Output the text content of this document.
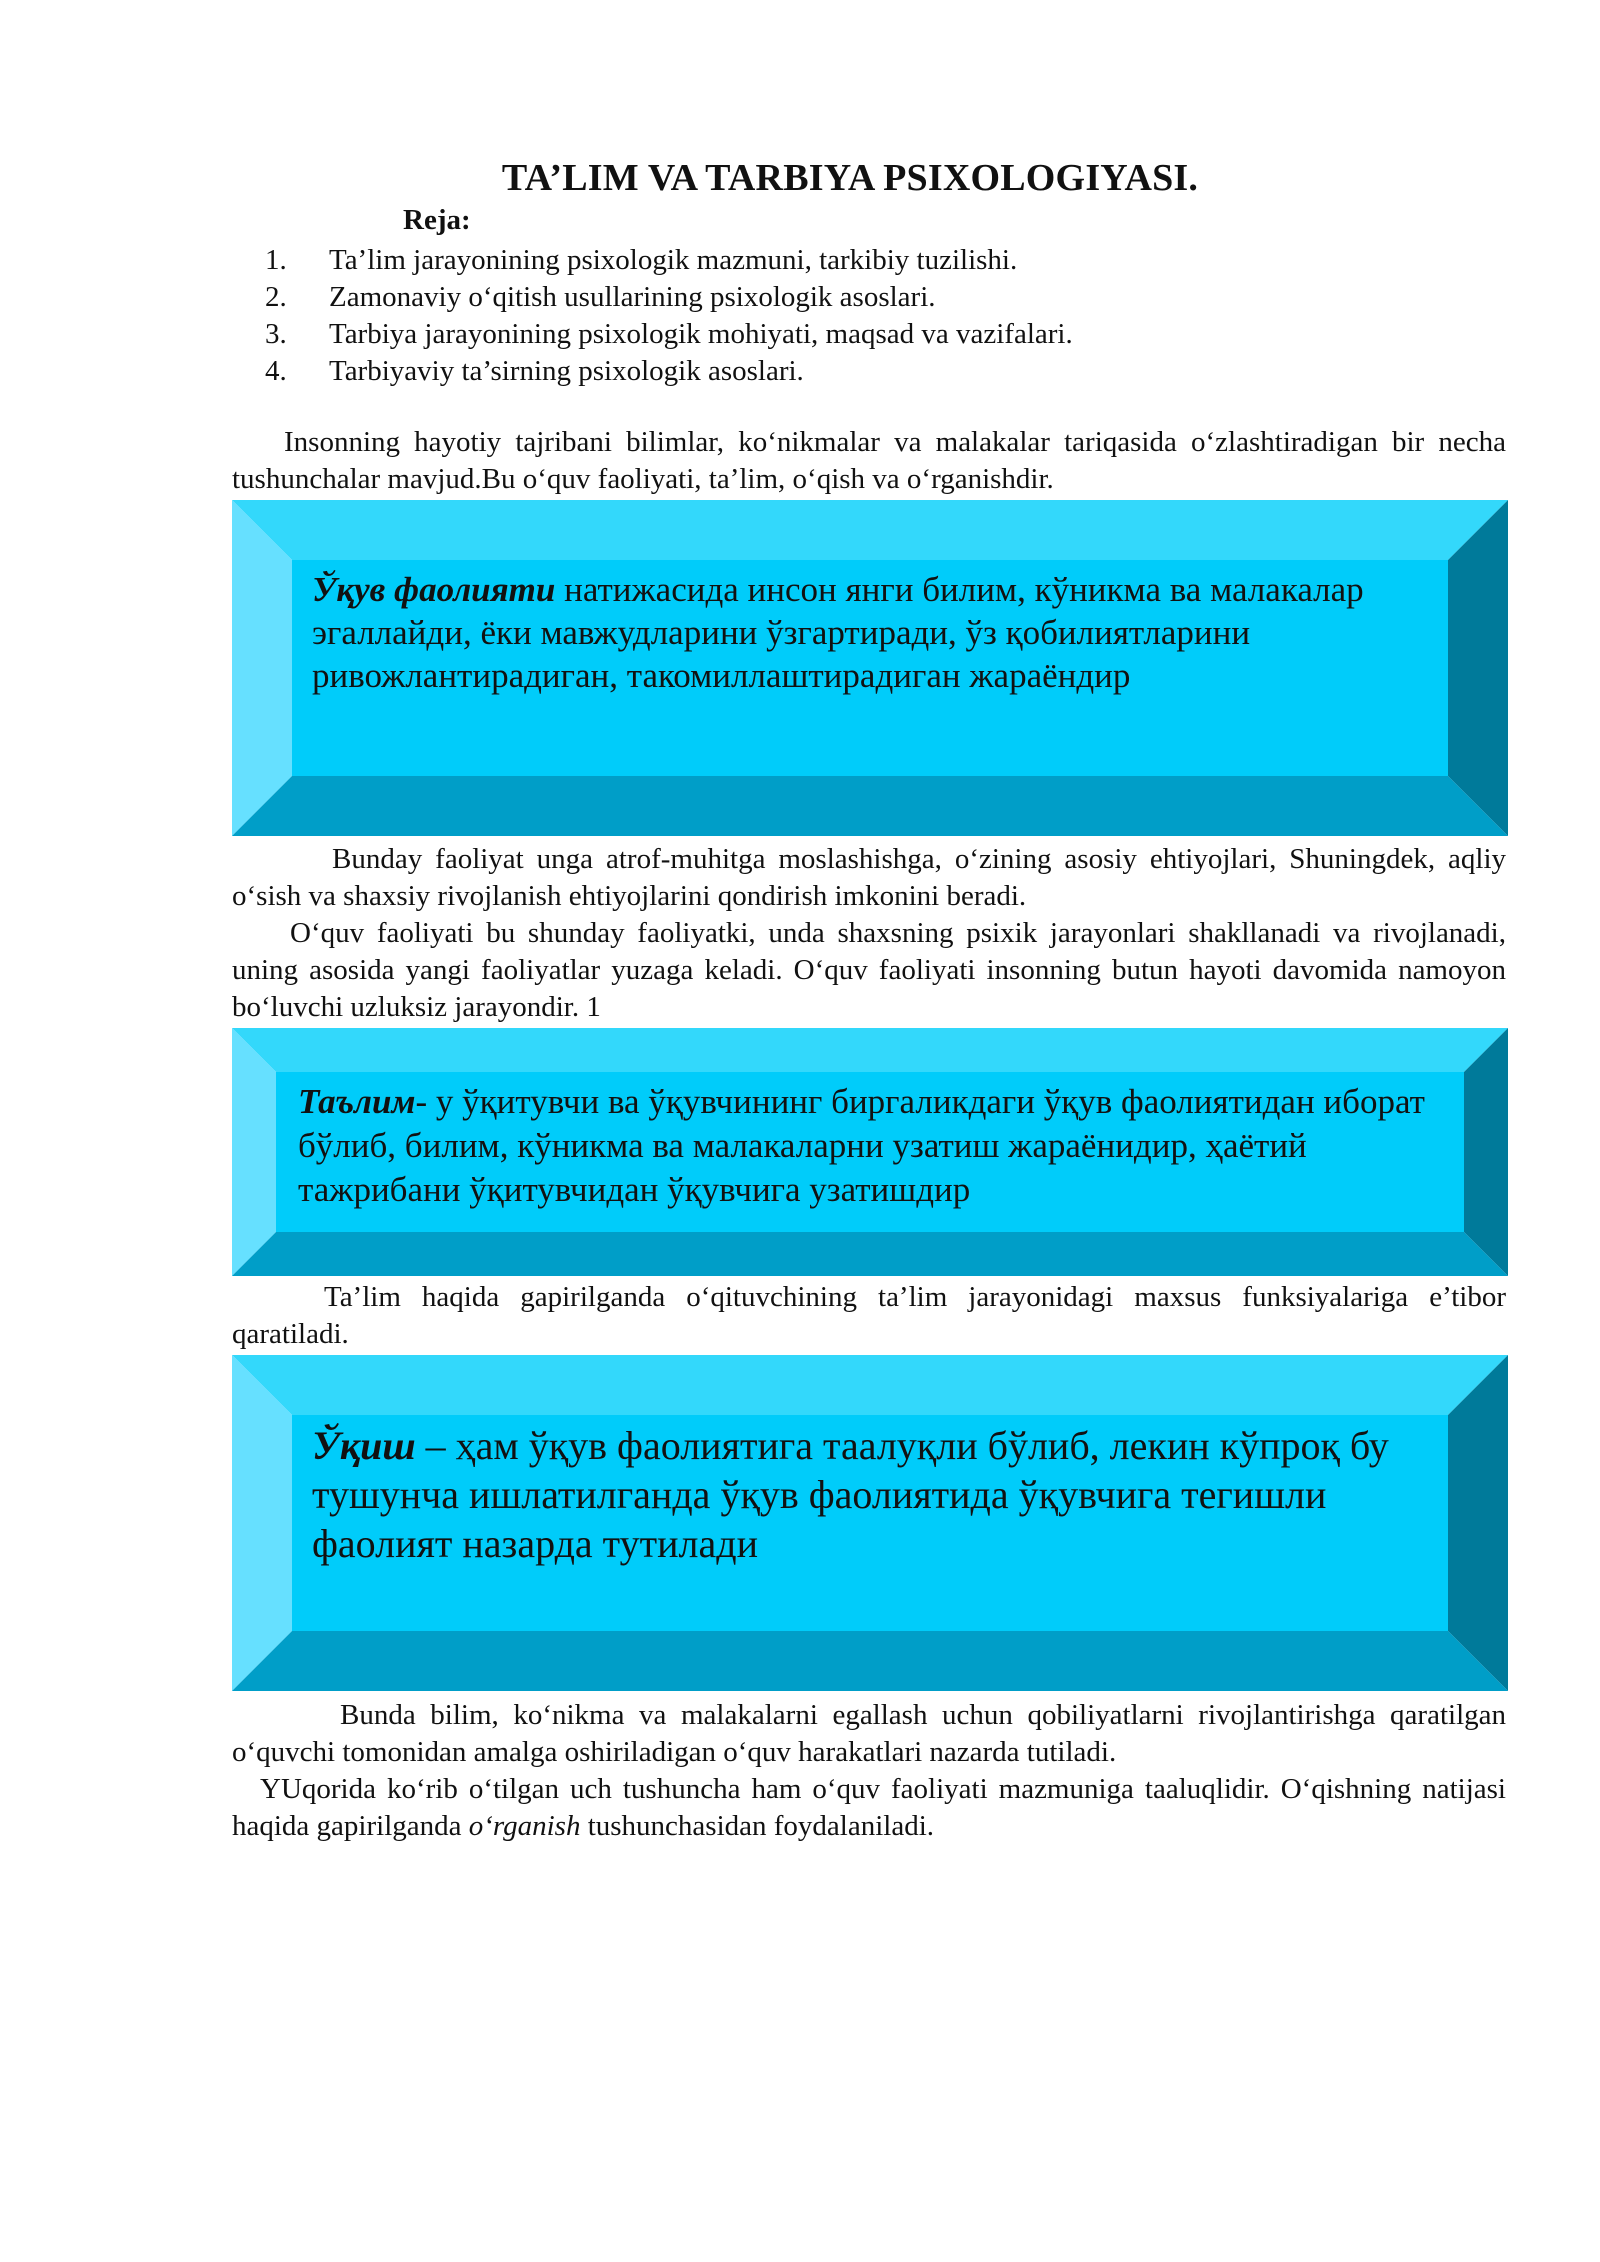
TA’LIM VA TARBIYA PSIXOLOGIYASI.
Reja:
1.	Ta’lim jarayonining psixologik mazmuni, tarkibiy tuzilishi.
2.	Zamonaviy o‘qitish usullarining psixologik asoslari.
3.	Tarbiya jarayonining psixologik mohiyati, maqsad va vazifalari.
4.	Tarbiyaviy ta’sirning psixologik asoslari.

Insonning hayotiy tajribani bilimlar, ko‘nikmalar va malakalar tariqasida o‘zlashtiradigan bir necha tushunchalar mavjud.Bu o‘quv faoliyati, ta’lim, o‘qish va o‘rganishdir.

Ўқув фаолияти натижасида инсон янги билим, кўникма ва малакалар эгаллайди, ёки мавжудларини ўзгартиради, ўз қобилиятларини ривожлантирадиган, такомиллаштирадиган жараёндир

Bunday faoliyat unga atrof-muhitga moslashishga, o‘zining asosiy ehtiyojlari, Shuningdek, aqliy o‘sish va shaxsiy rivojlanish ehtiyojlarini qondirish imkonini beradi.

O‘quv faoliyati bu shunday faoliyatki, unda shaxsning psixik jarayonlari shakllanadi va rivojlanadi, uning asosida yangi faoliyatlar yuzaga keladi. O‘quv faoliyati insonning butun hayoti davomida namoyon bo‘luvchi uzluksiz jarayondir. 1

Таълим- у ўқитувчи ва ўқувчининг биргаликдаги ўқув фаолиятидан иборат бўлиб, билим, кўникма ва малакаларни узатиш жараёнидир, ҳаётий тажрибани ўқитувчидан ўқувчига узатишдир

Ta’lim haqida gapirilganda o‘qituvchining ta’lim jarayonidagi maxsus funksiyalariga e’tibor qaratiladi.

Ўқиш – ҳам ўқув фаолиятига таалуқли бўлиб, лекин кўпроқ бу тушунча ишлатилганда ўқув фаолиятида ўқувчига тегишли фаолият назарда тутилади

Bunda bilim, ko‘nikma va malakalarni egallash uchun qobiliyatlarni rivojlantirishga qaratilgan o‘quvchi tomonidan amalga oshiriladigan o‘quv harakatlari nazarda tutiladi.

YUqorida ko‘rib o‘tilgan uch tushuncha ham o‘quv faoliyati mazmuniga taaluqlidir. O‘qishning natijasi haqida gapirilganda o‘rganish tushunchasidan foydalaniladi.
